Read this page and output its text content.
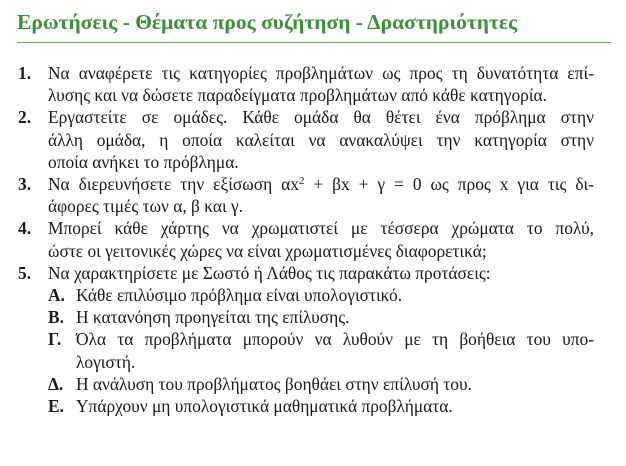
Ερωτήσεις - Θέματα προς συζήτηση - Δραστηριότητες
1. Να αναφέρετε τις κατηγορίες προβλημάτων ως προς τη δυνατότητα επί-
λυσης και να δώσετε παραδείγματα προβλημάτων από κάθε κατηγορία.
2. Εργαστείτε σε ομάδες. Κάθε ομάδα θα θέτει ένα πρόβλημα στην
άλλη ομάδα, η οποία καλείται να ανακαλύψει την κατηγορία στην
οποία ανήκει το πρόβλημα.
3. Να διερευνήσετε την εξίσωση $\alpha x^2 + \beta x + \gamma = 0$ ως προς x για τις δι-
άφορες τιμές των α, β και γ.
4. Μπορεί κάθε χάρτης να χρωματιστεί με τέσσερα χρώματα το πολύ,
ώστε οι γειτονικές χώρες να είναι χρωματισμένες διαφορετικά;
5. Να χαρακτηρίσετε με Σωστό ή Λάθος τις παρακάτω προτάσεις:
Α. Κάθε επιλύσιμο πρόβλημα είναι υπολογιστικό.
Β. Η κατανόηση προηγείται της επίλυσης.
Γ. Όλα τα προβλήματα μπορούν να λυθούν με τη βοήθεια του υπο-
λογιστή.
Δ. Η ανάλυση του προβλήματος βοηθάει στην επίλυσή του.
Ε. Υπάρχουν μη υπολογιστικά μαθηματικά προβλήματα.
